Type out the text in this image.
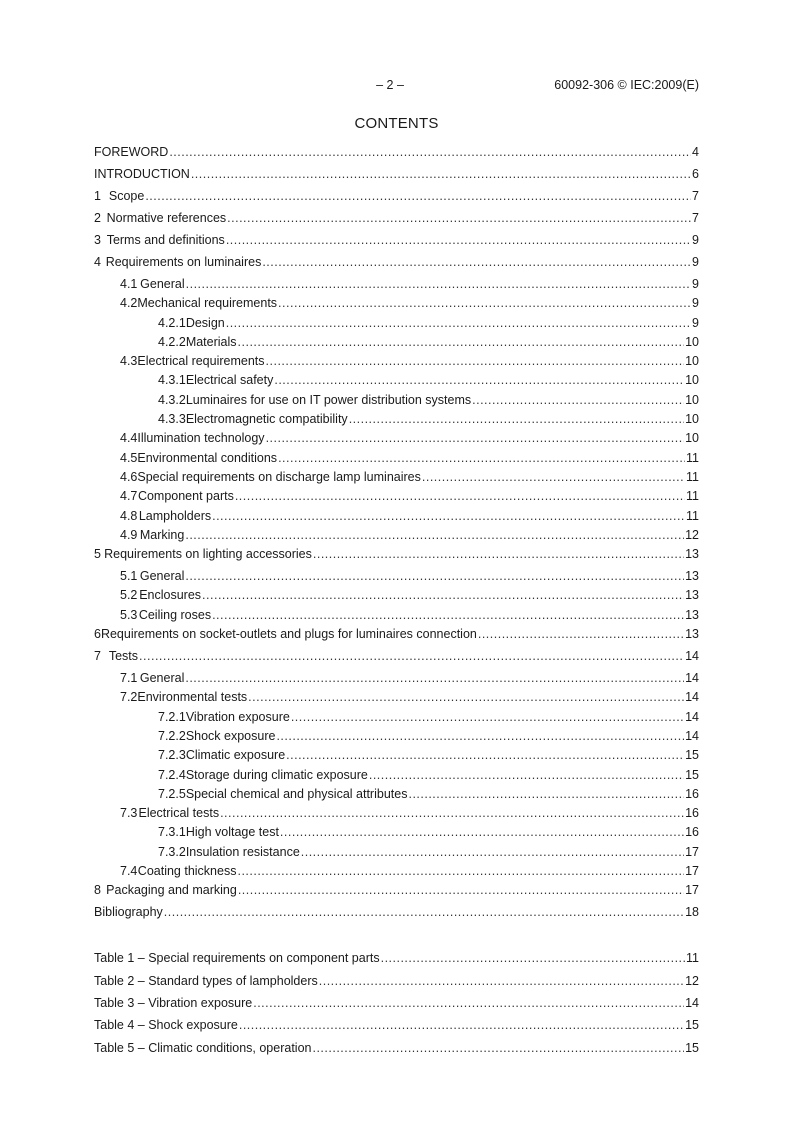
– 2 –	60092-306 © IEC:2009(E)
CONTENTS
FOREWORD .....	4
INTRODUCTION .....	6
1 Scope .....	7
2 Normative references .....	7
3 Terms and definitions .....	9
4 Requirements on luminaires .....	9
4.1 General .....	9
4.2 Mechanical requirements .....	9
4.2.1 Design .....	9
4.2.2 Materials .....	10
4.3 Electrical requirements .....	10
4.3.1 Electrical safety .....	10
4.3.2 Luminaires for use on IT power distribution systems .....	10
4.3.3 Electromagnetic compatibility .....	10
4.4 Illumination technology .....	10
4.5 Environmental conditions .....	11
4.6 Special requirements on discharge lamp luminaires .....	11
4.7 Component parts .....	11
4.8 Lampholders .....	11
4.9 Marking .....	12
5 Requirements on lighting accessories .....	13
5.1 General .....	13
5.2 Enclosures .....	13
5.3 Ceiling roses .....	13
6 Requirements on socket-outlets and plugs for luminaires connection .....	13
7 Tests .....	14
7.1 General .....	14
7.2 Environmental tests .....	14
7.2.1 Vibration exposure .....	14
7.2.2 Shock exposure .....	14
7.2.3 Climatic exposure .....	15
7.2.4 Storage during climatic exposure .....	15
7.2.5 Special chemical and physical attributes .....	16
7.3 Electrical tests .....	16
7.3.1 High voltage test .....	16
7.3.2 Insulation resistance .....	17
7.4 Coating thickness .....	17
8 Packaging and marking .....	17
Bibliography .....	18
Table 1 – Special requirements on component parts .....	11
Table 2 – Standard types of lampholders .....	12
Table 3 – Vibration exposure .....	14
Table 4 – Shock exposure .....	15
Table 5 – Climatic conditions, operation .....	15
